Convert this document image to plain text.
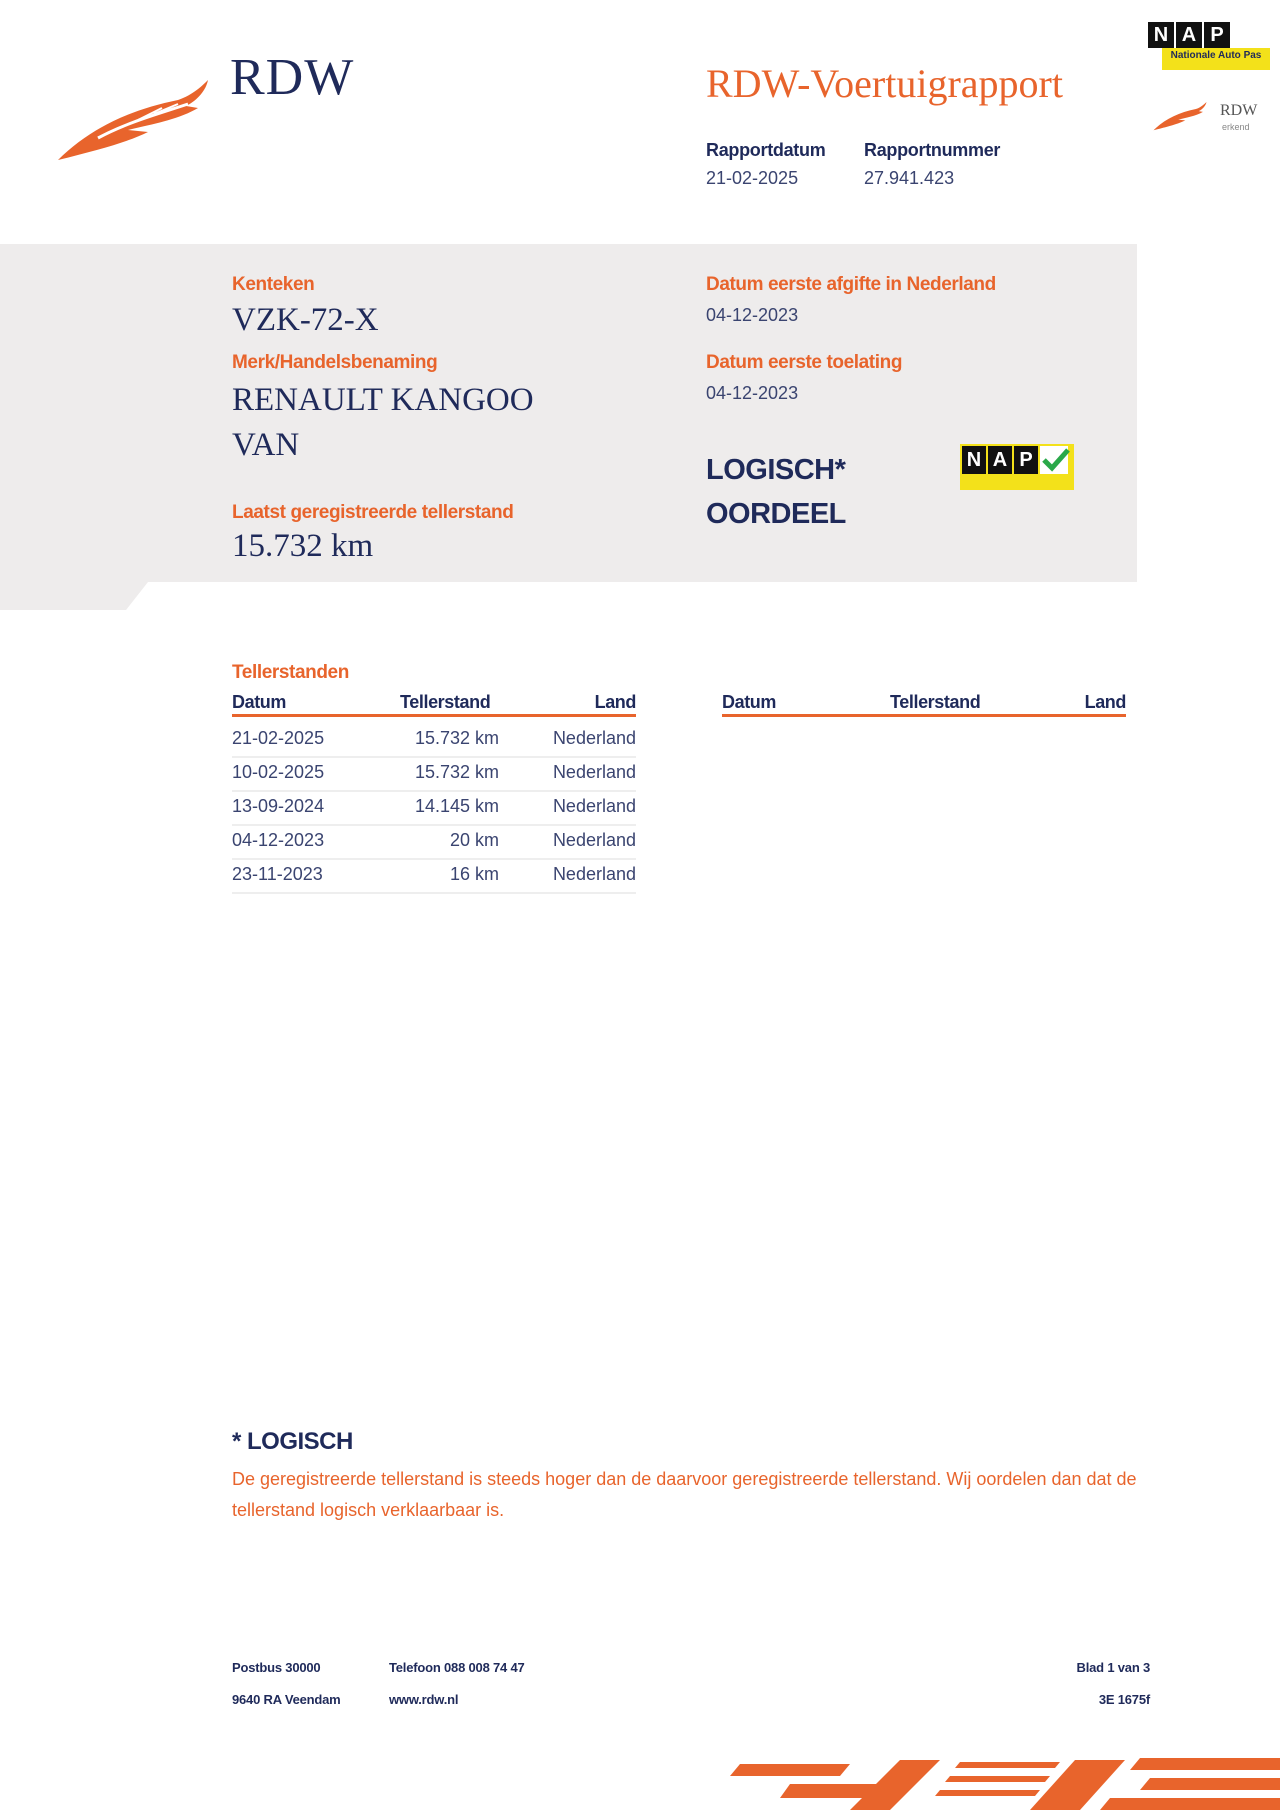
RDW	RDW-Voertuigrapport
Rapportdatum
21-02-2025
Rapportnummer
27.941.423
N A P
Nationale Auto Pas
RDW
erkend
Kenteken
VZK-72-X
Merk/Handelsbenaming
RENAULT KANGOO
VAN
Laatst geregistreerde tellerstand
15.732 km
Datum eerste afgifte in Nederland
04-12-2023
Datum eerste toelating
04-12-2023
LOGISCH*
OORDEEL
N A P
Tellerstanden
Datum	Tellerstand	Land	Datum	Tellerstand	Land
21-02-2025	15.732 km	Nederland
10-02-2025	15.732 km	Nederland
13-09-2024	14.145 km	Nederland
04-12-2023	20 km	Nederland
23-11-2023	16 km	Nederland
* LOGISCH
De geregistreerde tellerstand is steeds hoger dan de daarvoor geregistreerde tellerstand. Wij oordelen dan dat de tellerstand logisch verklaarbaar is.
Postbus 30000
9640 RA Veendam
Telefoon 088 008 74 47
www.rdw.nl
Blad 1 van 3
3E 1675f
